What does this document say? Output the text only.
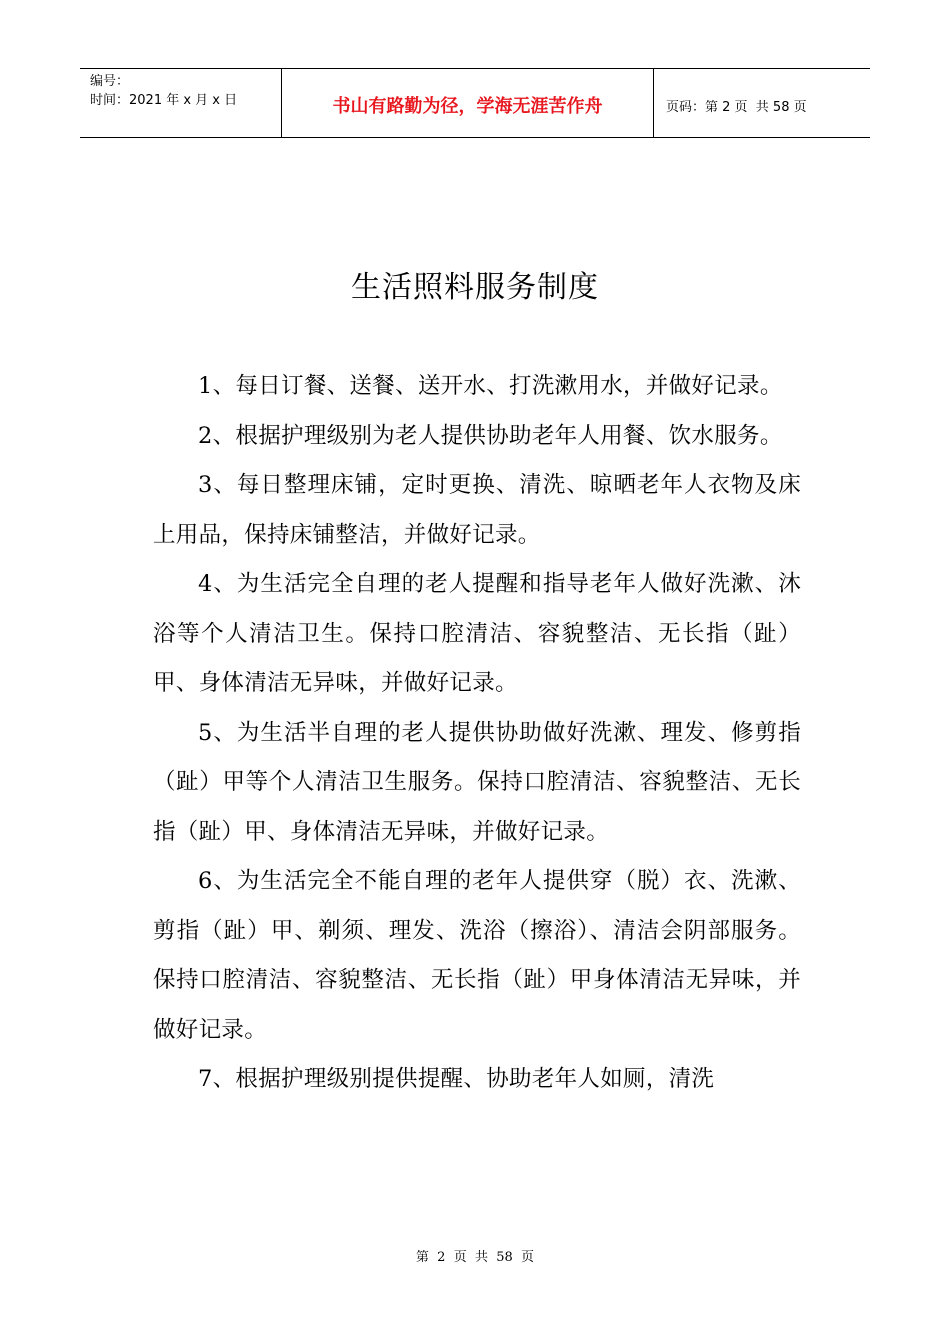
编号：
时间：2021 年 x 月 x 日	书山有路勤为径，学海无涯苦作舟	页码：第 2 页  共 58 页
生活照料服务制度

1、每日订餐、送餐、送开水、打洗漱用水，并做好记录。

2、根据护理级别为老人提供协助老年人用餐、饮水服务。

3、每日整理床铺，定时更换、清洗、晾晒老年人衣物及床上用品，保持床铺整洁，并做好记录。

4、为生活完全自理的老人提醒和指导老年人做好洗漱、沐浴等个人清洁卫生。保持口腔清洁、容貌整洁、无长指（趾）甲、身体清洁无异味，并做好记录。

5、为生活半自理的老人提供协助做好洗漱、理发、修剪指（趾）甲等个人清洁卫生服务。保持口腔清洁、容貌整洁、无长指（趾）甲、身体清洁无异味，并做好记录。

6、为生活完全不能自理的老年人提供穿（脱）衣、洗漱、剪指（趾）甲、剃须、理发、洗浴（擦浴）、清洁会阴部服务。保持口腔清洁、容貌整洁、无长指（趾）甲身体清洁无异味，并做好记录。

7、根据护理级别提供提醒、协助老年人如厕，清洗

第  2  页  共  58  页
